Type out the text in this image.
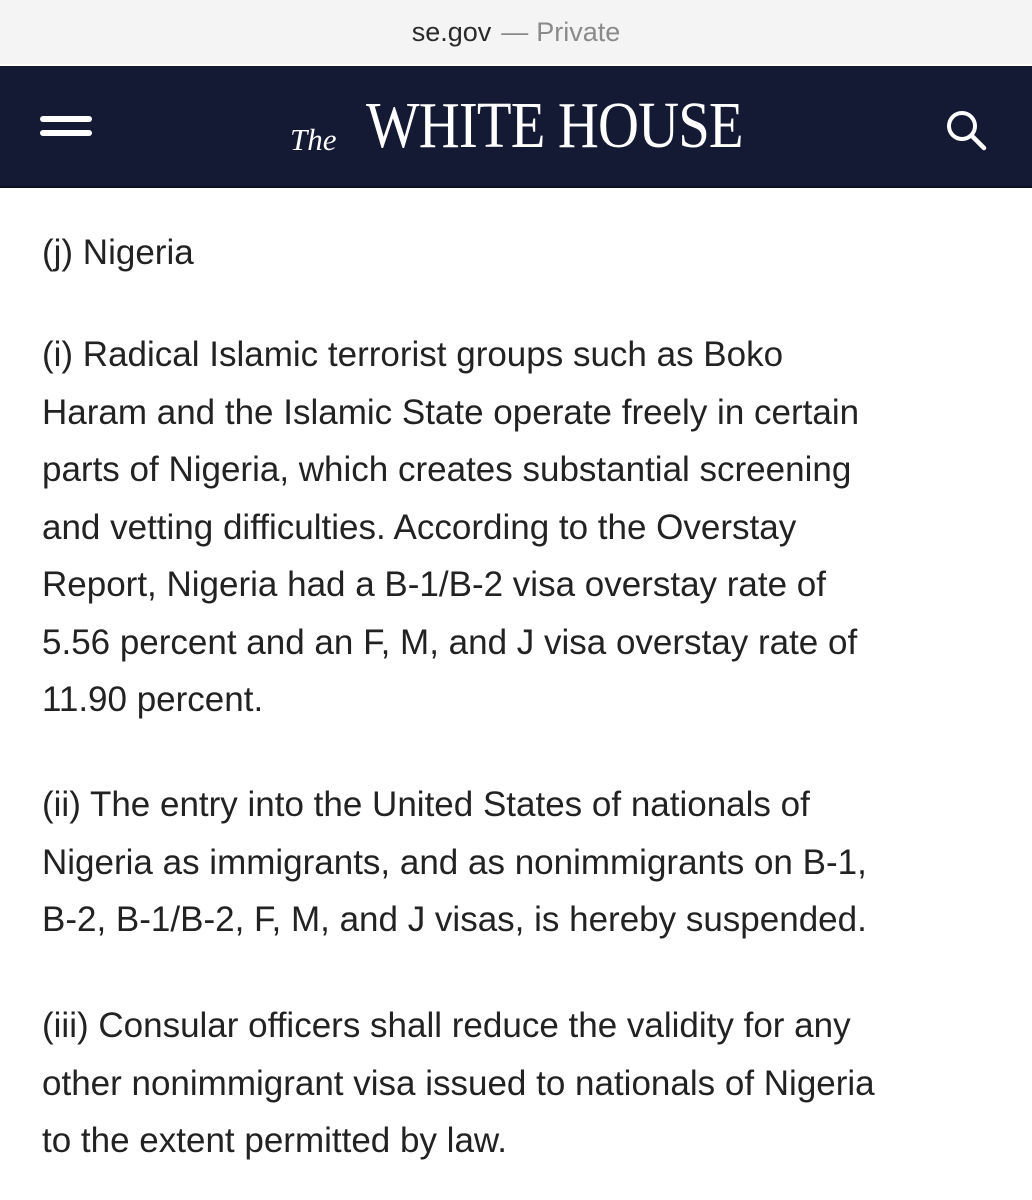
se.gov — Private
The WHITE HOUSE

(j) Nigeria

(i) Radical Islamic terrorist groups such as Boko
Haram and the Islamic State operate freely in certain
parts of Nigeria, which creates substantial screening
and vetting difficulties. According to the Overstay
Report, Nigeria had a B-1/B-2 visa overstay rate of
5.56 percent and an F, M, and J visa overstay rate of
11.90 percent.

(ii) The entry into the United States of nationals of
Nigeria as immigrants, and as nonimmigrants on B-1,
B-2, B-1/B-2, F, M, and J visas, is hereby suspended.

(iii) Consular officers shall reduce the validity for any
other nonimmigrant visa issued to nationals of Nigeria
to the extent permitted by law.
